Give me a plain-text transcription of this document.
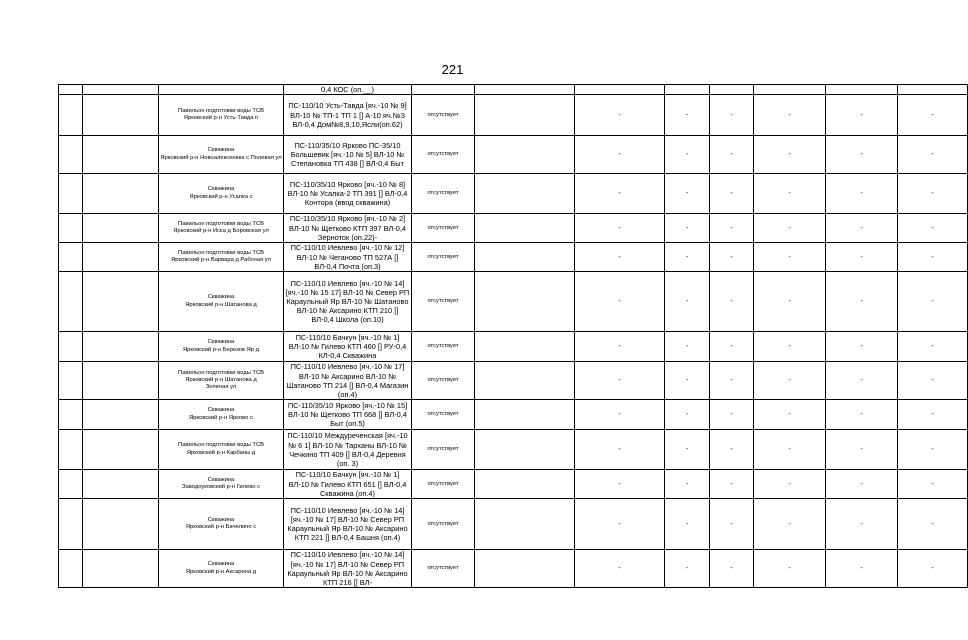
221
			0,4 КОС (оп.__)								

		Павильон подготовки воды ТСВ
Ярковский р-н Усть-Тавда п	ПС-110/10 Усть-Тавда [яч.-10 № 9] ВЛ-10 № ТП-1 ТП 1 [] А-10 яч.№3 ВЛ-0,4 Дом№8,9,10,Ясли(оп.62)	отсутствует		-	-	-	-	-	-

		Скважина
Ярковский р-н Новоалексеевка с Полевая ул	ПС-110/35/10 Ярково ПС-35/10 Большевик [яч.-10 № 5] ВЛ-10 № Степановка ТП 438 [] ВЛ-0,4 Быт	отсутствует		-	-	-	-	-	-

		Скважина
Ярковский р-н Усалка с	ПС-110/35/10 Ярково [яч.-10 № 8] ВЛ-10 № Усалка-2 ТП 391 [] ВЛ-0,4 Контора (ввод скважина)	отсутствует		-	-	-	-	-	-

		Павильон подготовки воды ТСВ
Ярковский р-н Иска д Боровская ул	ПС-110/35/10 Ярково [яч.-10 № 2] ВЛ-10 № Щетково КТП 397 ВЛ-0,4 Зерноток (оп.22)-	отсутствует		-	-	-	-	-	-

		Павильон подготовки воды ТСВ
Ярковский р-н Варвара д Рабочая ул	ПС-110/10 Иевлево [яч.-10 № 12] ВЛ-10 № Чеганово ТП 527А [] ВЛ-0,4 Почта (оп.3)	отсутствует		-	-	-	-	-	-

		Скважина
Ярковский р-н Шатанова д	ПС-110/10 Иевлево [яч.-10 № 14] [яч.-10 № 15 17] ВЛ-10 № Север РП Караульный Яр ВЛ-10 № Шатаново ВЛ-10 № Аксарино КТП 210 [] ВЛ-0,4 Школа (оп.10)	отсутствует		-	-	-	-	-	-

		Скважина
Ярковский р-н Березов Яр д	ПС-110/10 Бачкун [яч.-10 № 1] ВЛ-10 № Гилево КТП 460 [] РУ-0,4 КЛ-0,4 Скважина	отсутствует		-	-	-	-	-	-

		Павильон подготовки воды ТСВ
Ярковский р-н Шатанова д
Зеленая ул	ПС-110/10 Иевлево [яч.-10 № 17] ВЛ-10 № Аксарино ВЛ-10 № Шатаново ТП 214 [] ВЛ-0,4 Магазин (оп.4)	отсутствует		-	-	-	-	-	-

		Скважина
Ярковский р-н Ярково с	ПС-110/35/10 Ярково [яч.-10 № 15] ВЛ-10 № Щетково ТП 668 [] ВЛ-0,4 Быт (оп.5)	отсутствует		-	-	-	-	-	-

		Павильон подготовки воды ТСВ
Ярковский р-н Карбаны д	ПС-110/10 Междуреченская [яч.-10 № 6 1] ВЛ-10 № Тарханы ВЛ-10 № Чечкино ТП 409 [] ВЛ-0,4 Деревня (оп. 3)	отсутствует		-	-	-	-	-	-

		Скважина
Заводоуковский р-н Гилево с	ПС-110/10 Бачкун [яч.-10 № 1] ВЛ-10 № Гилево КТП 651 [] ВЛ-0,4 Скважина (оп.4)	отсутствует		-	-	-	-	-	-

		Скважина
Ярковский р-н Бачелино с	ПС-110/10 Иевлево [яч.-10 № 14] [яч.-10 № 17] ВЛ-10 № Север РП Караульный Яр ВЛ-10 № Аксарино КТП 221 [] ВЛ-0,4 Башня (оп.4)	отсутствует		-	-	-	-	-	-

		Скважина
Ярковский р-н Аксарина д	ПС-110/10 Иевлево [яч.-10 № 14] [яч.-10 № 17] ВЛ-10 № Север РП Караульный Яр ВЛ-10 № Аксарино КТП 216 [] ВЛ-	отсутствует		-	-	-	-	-	-
